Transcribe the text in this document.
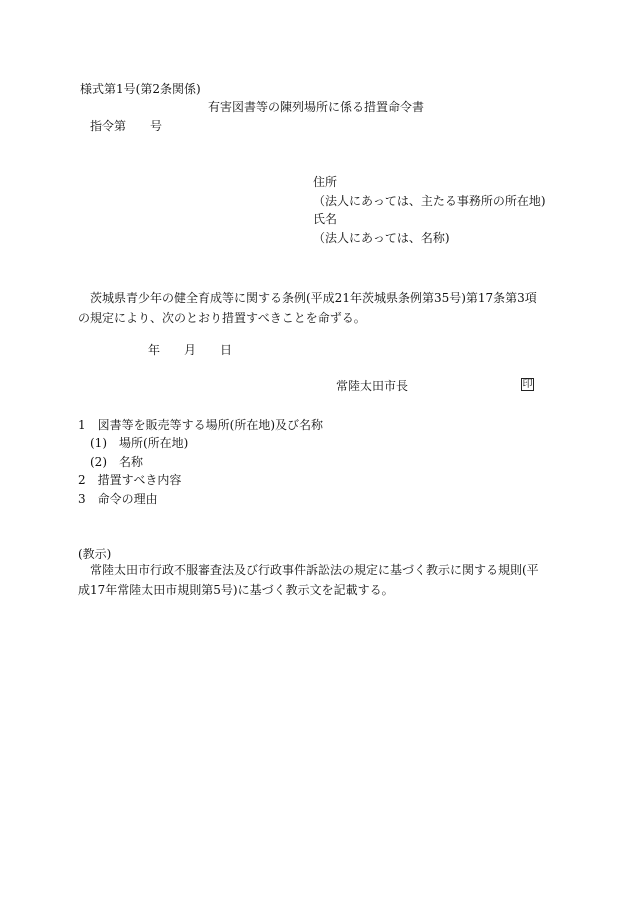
様式第1号(第2条関係)
有害図書等の陳列場所に係る措置命令書
指令第　　号
住所
（法人にあっては、主たる事務所の所在地)
氏名
（法人にあっては、名称)
茨城県青少年の健全育成等に関する条例(平成21年茨城県条例第35号)第17条第3項の規定により、次のとおり措置すべきことを命ずる。
年　　月　　日
常陸太田市長	印
1　図書等を販売等する場所(所在地)及び名称
(1)　場所(所在地)
(2)　名称
2　措置すべき内容
3　命令の理由
(教示)
常陸太田市行政不服審査法及び行政事件訴訟法の規定に基づく教示に関する規則(平成17年常陸太田市規則第5号)に基づく教示文を記載する。
